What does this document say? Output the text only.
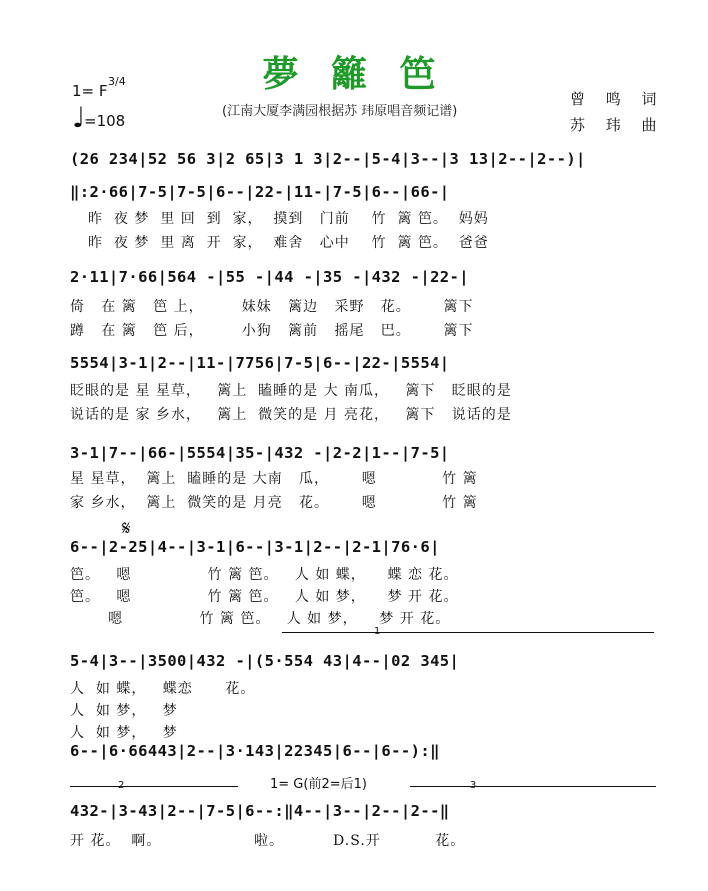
夢 籬 笆
(江南大厦李满园根据苏 玮原唱音频记谱)
1= F
3/4
♩
=108
曾 鸣 词
苏 玮 曲
(26 234|52 56 3|2 65|3 1 3|2--|5-4|3--|3 13|2--|2--)|
‖:2·66|7-5|7-5|6--|22-|11-|7-5|6--|66-|
昨  夜 梦  里 回  到  家，  摸到   门前    竹  篱 笆。  妈妈
昨  夜 梦  里 离  开  家，  难舍   心中    竹  篱 笆。  爸爸
2·11|7·66|564 -|55 -|44 -|35 -|432 -|22-|
倚   在 篱   笆 上，       妹妹   篱边   采野   花。      篱下
蹲   在 篱   笆 后，       小狗   篱前   摇尾   巴。      篱下
5554|3-1|2--|11-|7756|7-5|6--|22-|5554|
眨眼的是 星 星草，   篱上  瞌睡的是 大 南瓜，   篱下   眨眼的是
说话的是 家 乡水，   篱上  微笑的是 月 亮花，   篱下   说话的是
3-1|7--|66-|5554|35-|432 -|2-2|1--|7-5|
星 星草，  篱上  瞌睡的是 大南   瓜，      嗯            竹 篱
家 乡水，  篱上  微笑的是 月亮   花。      嗯            竹 篱
𝄋
6--|2-25|4--|3-1|6--|3-1|2--|2-1|76·6|
笆。   嗯              竹 篱 笆。   人 如 蝶，    蝶 恋 花。
笆。   嗯              竹 篱 笆。   人 如 梦，    梦 开 花。
嗯              竹 篱 笆。   人 如 梦，    梦 开 花。
1
5-4|3--|3500|432 -|(5·554 43|4--|02 345|
人  如 蝶，   蝶恋      花。
人  如 梦，   梦
人  如 梦，   梦
6--|6·66443|2--|3·143|22345|6--|6--):‖
2	1= G(前2=后1)	3
432-|3-43|2--|7-5|6--:‖4--|3--|2--|2--‖
开 花。  啊。                 啦。         D.S.开          花。
